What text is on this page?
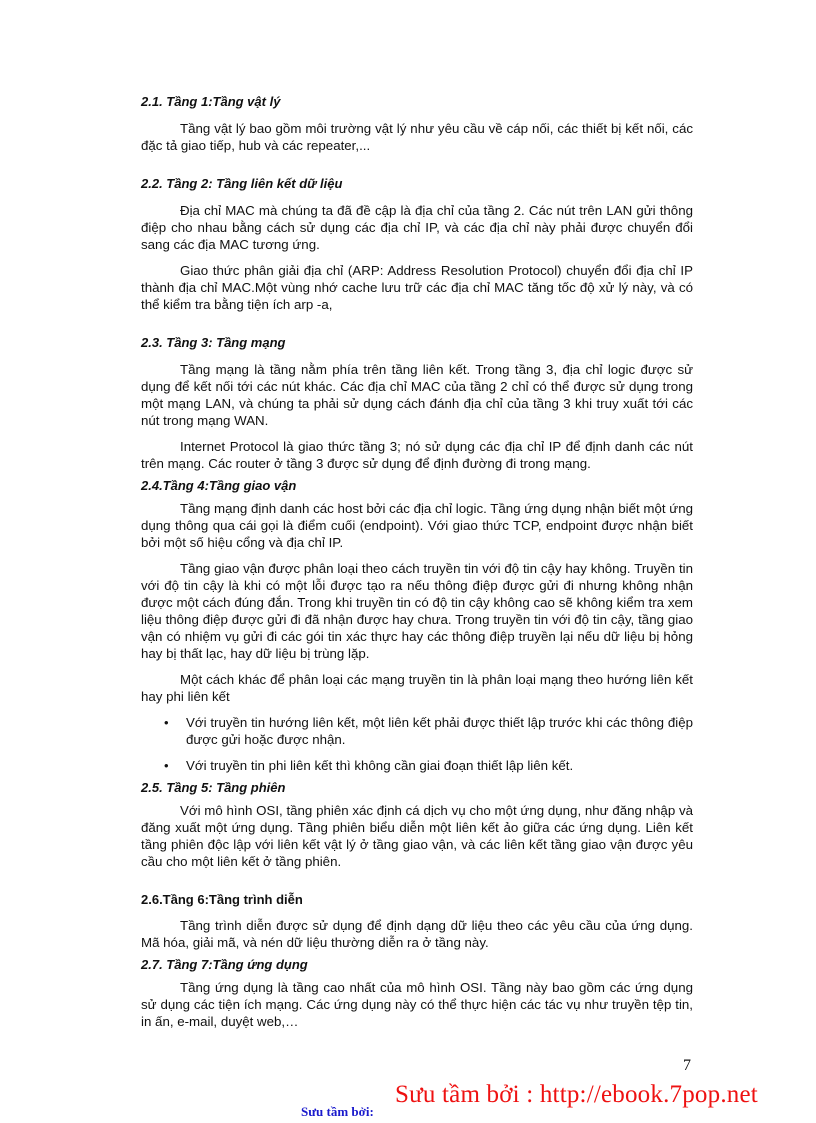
2.1. Tầng 1:Tầng vật lý

Tầng vật lý bao gồm môi trường vật lý như yêu cầu về cáp nối, các thiết bị kết nối, các đặc tả giao tiếp, hub và các repeater,...

2.2. Tầng 2: Tầng liên kết dữ liệu

Địa chỉ MAC mà chúng ta đã đề cập là địa chỉ của tầng 2. Các nút trên LAN gửi thông điệp cho nhau bằng cách sử dụng các địa chỉ IP, và các địa chỉ này phải được chuyển đổi sang các địa MAC tương ứng.

Giao thức phân giải địa chỉ (ARP: Address Resolution Protocol) chuyển đổi địa chỉ IP thành địa chỉ MAC.Một vùng nhớ cache lưu trữ các địa chỉ MAC tăng tốc độ xử lý này, và có thể kiểm tra bằng tiện ích arp -a,

2.3. Tầng 3: Tầng mạng

Tầng mạng là tầng nằm phía trên tầng liên kết. Trong tầng 3, địa chỉ logic được sử dụng để kết nối tới các nút khác. Các địa chỉ MAC của tầng 2 chỉ có thể được sử dụng trong một mạng LAN, và chúng ta phải sử dụng cách đánh địa chỉ của tầng 3 khi truy xuất tới các nút trong mạng WAN.

Internet Protocol là giao thức tầng 3; nó sử dụng các địa chỉ IP để định danh các nút trên mạng. Các router ở tầng 3 được sử dụng để định đường đi trong mạng.

2.4.Tầng 4:Tầng giao vận

Tầng mạng định danh các host bởi các địa chỉ logic. Tầng ứng dụng nhận biết một ứng dụng thông qua cái gọi là điểm cuối (endpoint). Với giao thức TCP, endpoint được nhận biết bởi một số hiệu cổng và địa chỉ IP.

Tầng giao vận được phân loại theo cách truyền tin với độ tin cậy hay không. Truyền tin với độ tin cậy là khi có một lỗi được tạo ra nếu thông điệp được gửi đi nhưng không nhận được một cách đúng đắn. Trong khi truyền tin có độ tin cậy không cao sẽ không kiểm tra xem liệu thông điệp được gửi đi đã nhận được hay chưa. Trong truyền tin với độ tin cậy, tầng giao vận có nhiệm vụ gửi đi các gói tin xác thực hay các thông điệp truyền lại nếu dữ liệu bị hỏng hay bị thất lạc, hay dữ liệu bị trùng lặp.

Một cách khác để phân loại các mạng truyền tin là phân loại mạng theo hướng liên kết hay phi liên kết

• Với truyền tin hướng liên kết, một liên kết phải được thiết lập trước khi các thông điệp được gửi hoặc được nhận.
• Với truyền tin phi liên kết thì không cần giai đoạn thiết lập liên kết.
2.5. Tầng 5: Tầng phiên

Với mô hình OSI, tầng phiên xác định cá dịch vụ cho một ứng dụng, như đăng nhập và đăng xuất một ứng dụng. Tầng phiên biểu diễn một liên kết ảo giữa các ứng dụng. Liên kết tầng phiên độc lập với liên kết vật lý ở tầng giao vận, và các liên kết tầng giao vận được yêu cầu cho một liên kết ở tầng phiên.

2.6.Tầng 6:Tầng trình diễn

Tầng trình diễn được sử dụng để định dạng dữ liệu theo các yêu cầu của ứng dụng. Mã hóa, giải mã, và nén dữ liệu thường diễn ra ở tầng này.

2.7. Tầng 7:Tầng ứng dụng

Tầng ứng dụng là tầng cao nhất của mô hình OSI. Tầng này bao gồm các ứng dụng sử dụng các tiện ích mạng. Các ứng dụng này có thể thực hiện các tác vụ như truyền tệp tin, in ấn, e-mail, duyệt web,…

7
Sưu tầm bởi : http://ebook.7pop.net
Sưu tầm bởi:
